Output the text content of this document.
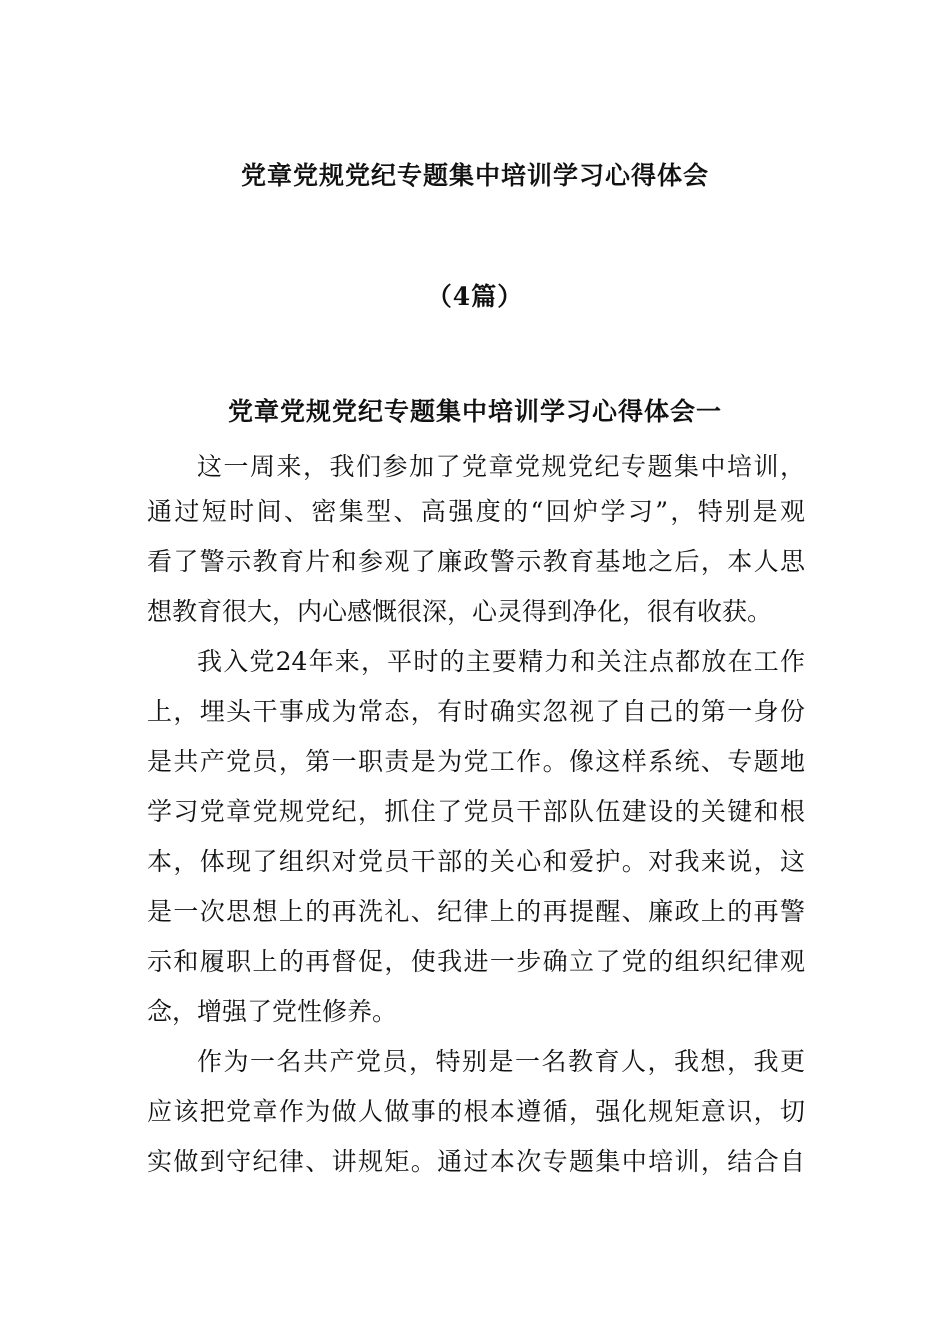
党章党规党纪专题集中培训学习心得体会
（4篇）
党章党规党纪专题集中培训学习心得体会一
这一周来，我们参加了党章党规党纪专题集中培训，
通过短时间、密集型、高强度的“回炉学习”，特别是观
看了警示教育片和参观了廉政警示教育基地之后，本人思
想教育很大，内心感慨很深，心灵得到净化，很有收获。
我入党24年来，平时的主要精力和关注点都放在工作
上，埋头干事成为常态，有时确实忽视了自己的第一身份
是共产党员，第一职责是为党工作。像这样系统、专题地
学习党章党规党纪，抓住了党员干部队伍建设的关键和根
本，体现了组织对党员干部的关心和爱护。对我来说，这
是一次思想上的再洗礼、纪律上的再提醒、廉政上的再警
示和履职上的再督促，使我进一步确立了党的组织纪律观
念，增强了党性修养。
作为一名共产党员，特别是一名教育人，我想，我更
应该把党章作为做人做事的根本遵循，强化规矩意识，切
实做到守纪律、讲规矩。通过本次专题集中培训，结合自
